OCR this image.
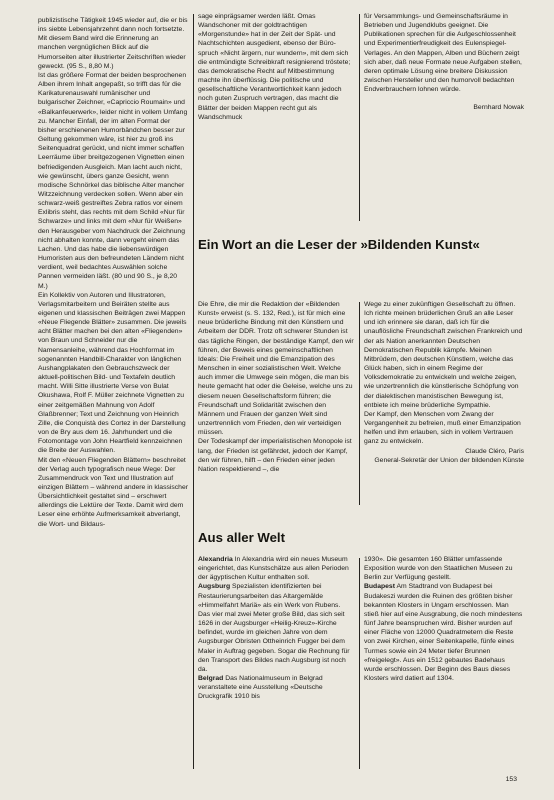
publizistische Tätigkeit 1945 wieder auf, die er bis ins siebte Lebensjahrzehnt dann noch fortsetzte. Mit diesem Band wird die Erinnerung an manchen vergnüglichen Blick auf die Humorseiten alter illustrierter Zeitschriften wieder geweckt. (95 S., 8,80 M.)

Ist das größere Format der beiden besprochenen Alben ihrem Inhalt angepaßt, so trifft das für die Karikaturenauswahl rumänischer und bulgarischer Zeichner, «Capriccio Roumain» und «Balkanfeuerwerk», leider nicht in vollem Umfang zu. Mancher Einfall, der im alten Format der bisher erschienenen Humorbändchen besser zur Geltung gekommen wäre, ist hier zu groß ins Seitenquadrat gerückt, und nicht immer schaffen Leerräume über breitgezogenen Vignetten einen befriedigenden Ausgleich. Man lacht auch nicht, wie gewünscht, übers ganze Gesicht, wenn modische Schnörkel das biblische Alter mancher Witzzeichnung verdecken sollen. Wenn aber ein schwarz-weiß gestreiftes Zebra ratlos vor einem Exlibris steht, das rechts mit dem Schild «Nur für Schwarze» und links mit dem «Nur für Weißen» den Herausgeber vom Nachdruck der Zeichnung nicht abhalten konnte, dann vergeht einem das Lachen. Und das habe die liebenswürdigen Humoristen aus den befreundeten Ländern nicht verdient, weil bedachtes Auswählen solche Pannen vermeiden läßt. (80 und 90 S., je 8,20 M.)

Ein Kollektiv von Autoren und Illustratoren, Verlagsmitarbeitern und Beiräten stellte aus eigenen und klassischen Beiträgen zwei Mappen «Neue Fliegende Blätter» zusammen. Die jeweils acht Blätter machen bei den alten «Fliegenden» von Braun und Schneider nur die Namensanleihe, während das Hochformat im sogenannten Handbill-Charakter von länglichen Aushangplakaten den Gebrauchszweck der aktuell-politischen Bild- und Textafeln deutlich macht. Willi Sitte illustrierte Verse von Bulat Okushawa, Rolf F. Müller zeichnete Vignetten zu einer zeitgemäßen Mahnung von Adolf Glaßbrenner; Text und Zeichnung von Heinrich Zille, die Conquistà des Cortez in der Darstellung von de Bry aus dem 16. Jahrhundert und die Fotomontage von John Heartfield kennzeichnen die Breite der Auswahlen.

Mit den «Neuen Fliegenden Blättern» beschreitet der Verlag auch typografisch neue Wege: Der Zusammendruck von Text und Illustration auf einzigen Blättern – während andere in klassischer Übersichtlichkeit gestaltet sind – erschwert allerdings die Lektüre der Texte. Damit wird dem Leser eine erhöhte Aufmerksamkeit abverlangt, die Wort- und Bildaus-

sage einprägsamer werden läßt. Omas Wandschoner mit der goldtrachtigen «Morgenstunde» hat in der Zeit der Spät- und Nachtschichten ausgedient, ebenso der Büro-spruch «Nicht ärgern, nur wundern», mit dem sich die entmündigte Schreibkraft resignierend tröstete; das demokratische Recht auf Mitbestimmung machte ihn überflüssig. Die politische und gesellschaftliche Verantwortlichkeit kann jedoch noch guten Zuspruch vertragen, das macht die Blätter der beiden Mappen recht gut als Wandschmuck

für Versammlungs- und Gemeinschaftsräume in Betrieben und Jugendklubs geeignet. Die Publikationen sprechen für die Aufgeschlossenheit und Experimentierfreudigkeit des Eulenspiegel-Verlages. An den Mappen, Alben und Büchern zeigt sich aber, daß neue Formate neue Aufgaben stellen, deren optimale Lösung eine breitere Diskussion zwischen Hersteller und den humorvoll bedachten Endverbrauchern lohnen würde.

Bernhard Nowak

Ein Wort an die Leser der »Bildenden Kunst«

Die Ehre, die mir die Redaktion der «Bildenden Kunst» erweist (s. S. 132, Red.), ist für mich eine neue brüderliche Bindung mit den Künstlern und Arbeitern der DDR. Trotz oft schwerer Stunden ist das tägliche Ringen, der beständige Kampf, den wir führen, der Beweis eines gemeinschaftlichen Ideals: Die Freiheit und die Emanzipation des Menschen in einer sozialistischen Welt. Welche auch immer die Umwege sein mögen, die man bis heute gemacht hat oder die Geleise, welche uns zu diesem neuen Gesellschaftsform führen; die Freundschaft und Solidarität zwischen den Männern und Frauen der ganzen Welt sind unzertrennlich vom Frieden, den wir verteidigen müssen.

Der Todeskampf der imperialistischen Monopole ist lang, der Frieden ist gefährdet, jedoch der Kampf, den wir führen, hilft – den Frieden einer jeden Nation respektierend –, die

Wege zu einer zukünftigen Gesellschaft zu öffnen.

Ich richte meinen brüderlichen Gruß an alle Leser und ich erinnere sie daran, daß ich für die unauflösliche Freundschaft zwischen Frankreich und der als Nation anerkannten Deutschen Demokratischen Republik kämpfe. Meinen Mitbrüdern, den deutschen Künstlern, welche das Glück haben, sich in einem Regime der Volksdemokratie zu entwickeln und welche zeigen, wie unzertrennlich die künstlerische Schöpfung von der dialektischen marxistischen Bewegung ist, entbiete ich meine brüderliche Sympathie.

Der Kampf, den Menschen vom Zwang der Vergangenheit zu befreien, muß einer Emanzipation helfen und ihm erlauben, sich in vollem Vertrauen ganz zu entwickeln.

Claude Cléro, Paris

General-Sekretär der Union der bildenden Künste

Aus aller Welt

Alexandria In Alexandria wird ein neues Museum eingerichtet, das Kunstschätze aus allen Perioden der ägyptischen Kultur enthalten soll.

Augsburg Spezialisten identifizierten bei Restaurierungsarbeiten das Altargemälde «Himmelfahrt Mariä» als ein Werk von Rubens. Das vier mal zwei Meter große Bild, das sich seit 1626 in der Augsburger «Heilig-Kreuz»-Kirche befindet, wurde im gleichen Jahre von dem Augsburger Obristen Ottheinrich Fugger bei dem Maler in Auftrag gegeben. Sogar die Rechnung für den Transport des Bildes nach Augsburg ist noch da.

Belgrad Das Nationalmuseum in Belgrad veranstaltete eine Ausstellung «Deutsche Druckgrafik 1910 bis

1930». Die gesamten 160 Blätter umfassende Exposition wurde von den Staatlichen Museen zu Berlin zur Verfügung gestellt.

Budapest Am Stadtrand von Budapest bei Budakeszi wurden die Ruinen des größten bisher bekannten Klosters in Ungarn erschlossen. Man stieß hier auf eine Ausgrabung, die noch mindestens fünf Jahre beanspruchen wird. Bisher wurden auf einer Fläche von 12000 Quadratmetern die Reste von zwei Kirchen, einer Seitenkapelle, fünfe eines Turmes sowie ein 24 Meter tiefer Brunnen «freigelegt». Aus ein 1512 gebautes Badehaus wurde erschlossen. Der Beginn des Baus dieses Klosters wird datiert auf 1304.

153
